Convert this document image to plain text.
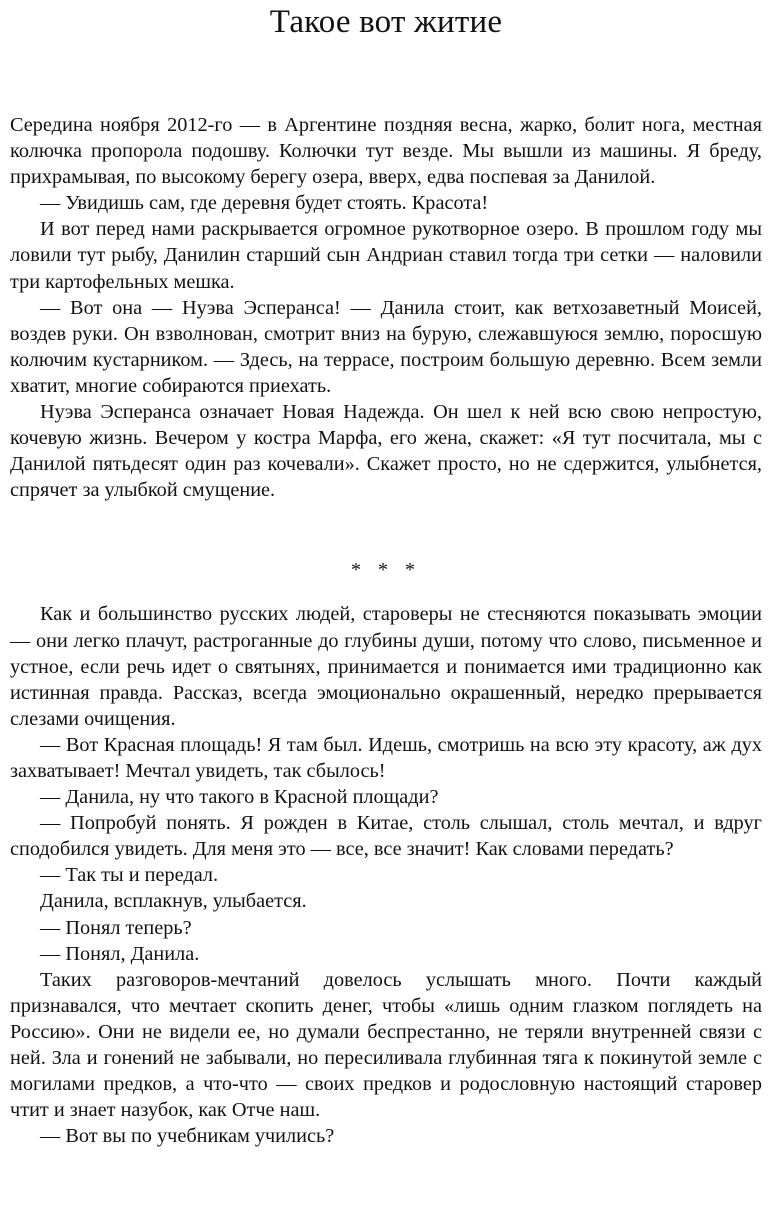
Такое вот житие

Середина ноября 2012-го — в Аргентине поздняя весна, жарко, болит нога, местная колючка пропорола подошву. Колючки тут везде. Мы вышли из машины. Я бреду, прихрамывая, по высокому берегу озера, вверх, едва поспевая за Данилой.

— Увидишь сам, где деревня будет стоять. Красота!

И вот перед нами раскрывается огромное рукотворное озеро. В прошлом году мы ловили тут рыбу, Данилин старший сын Андриан ставил тогда три сетки — наловили три картофельных мешка.

— Вот она — Нуэва Эсперанса! — Данила стоит, как ветхозаветный Моисей, воздев руки. Он взволнован, смотрит вниз на бурую, слежавшуюся землю, поросшую колючим кустарником. — Здесь, на террасе, построим большую деревню. Всем земли хватит, многие собираются приехать.

Нуэва Эсперанса означает Новая Надежда. Он шел к ней всю свою непростую, кочевую жизнь. Вечером у костра Марфа, его жена, скажет: «Я тут посчитала, мы с Данилой пятьдесят один раз кочевали». Скажет просто, но не сдержится, улыбнется, спрячет за улыбкой смущение.

* * *

Как и большинство русских людей, староверы не стесняются показывать эмоции — они легко плачут, растроганные до глубины души, потому что слово, письменное и устное, если речь идет о святынях, принимается и понимается ими традиционно как истинная правда. Рассказ, всегда эмоционально окрашенный, нередко прерывается слезами очищения.

— Вот Красная площадь! Я там был. Идешь, смотришь на всю эту красоту, аж дух захватывает! Мечтал увидеть, так сбылось!

— Данила, ну что такого в Красной площади?

— Попробуй понять. Я рожден в Китае, столь слышал, столь мечтал, и вдруг сподобился увидеть. Для меня это — все, все значит! Как словами передать?

— Так ты и передал.

Данила, всплакнув, улыбается.

— Понял теперь?

— Понял, Данила.

Таких разговоров-мечтаний довелось услышать много. Почти каждый признавался, что мечтает скопить денег, чтобы «лишь одним глазком поглядеть на Россию». Они не видели ее, но думали беспрестанно, не теряли внутренней связи с ней. Зла и гонений не забывали, но пересиливала глубинная тяга к покинутой земле с могилами предков, а что-что — своих предков и родословную настоящий старовер чтит и знает назубок, как Отче наш.

— Вот вы по учебникам учились?
